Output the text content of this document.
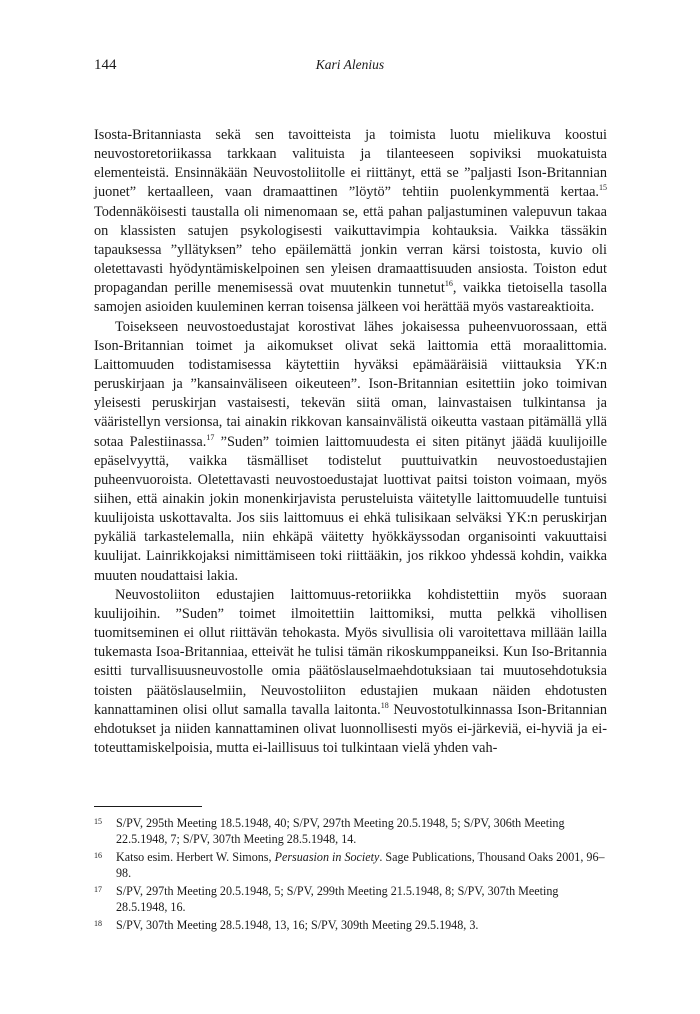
144	Kari Alenius

Isosta-Britanniasta sekä sen tavoitteista ja toimista luotu mielikuva koostui neuvostoretoriikassa tarkkaan valituista ja tilanteeseen sopiviksi muokatuista elementeistä. Ensinnäkään Neuvostoliitolle ei riittänyt, että se ”paljasti Ison-Britannian juonet” kertaalleen, vaan dramaattinen ”löytö” tehtiin puolenkymmentä kertaa.$^{15}$ Todennäköisesti taustalla oli nimenomaan se, että pahan paljastuminen valepuvun takaa on klassisten satujen psykologisesti vaikuttavimpia kohtauksia. Vaikka tässäkin tapauksessa ”yllätyksen” teho epäilemättä jonkin verran kärsi toistosta, kuvio oli oletettavasti hyödyntämiskelpoinen sen yleisen dramaattisuuden ansiosta. Toiston edut propagandan perille menemisessä ovat muutenkin tunnetut$^{16}$, vaikka tietoisella tasolla samojen asioiden kuuleminen kerran toisensa jälkeen voi herättää myös vastareaktioita.

Toisekseen neuvostoedustajat korostivat lähes jokaisessa puheenvuorossaan, että Ison-Britannian toimet ja aikomukset olivat sekä laittomia että moraalittomia. Laittomuuden todistamisessa käytettiin hyväksi epämääräisiä viittauksia YK:n peruskirjaan ja ”kansainväliseen oikeuteen”. Ison-Britannian esitettiin joko toimivan yleisesti peruskirjan vastaisesti, tekevän siitä oman, lainvastaisen tulkintansa ja vääristellyn versionsa, tai ainakin rikkovan kansainvälistä oikeutta vastaan pitämällä yllä sotaa Palestiinassa.$^{17}$ ”Suden” toimien laittomuudesta ei siten pitänyt jäädä kuulijoille epäselvyyttä, vaikka täsmälliset todistelut puuttuivatkin neuvostoedustajien puheenvuoroista. Oletettavasti neuvostoedustajat luottivat paitsi toiston voimaan, myös siihen, että ainakin jokin monenkirjavista perusteluista väitetylle laittomuudelle tuntuisi kuulijoista uskottavalta. Jos siis laittomuus ei ehkä tulisikaan selväksi YK:n peruskirjan pykäliä tarkastelemalla, niin ehkäpä väitetty hyökkäyssodan organisointi vakuuttaisi kuulijat. Lainrikkojaksi nimittämiseen toki riittääkin, jos rikkoo yhdessä kohdin, vaikka muuten noudattaisi lakia.

Neuvostoliiton edustajien laittomuus-retoriikka kohdistettiin myös suoraan kuulijoihin. ”Suden” toimet ilmoitettiin laittomiksi, mutta pelkkä vihollisen tuomitseminen ei ollut riittävän tehokasta. Myös sivullisia oli varoitettava millään lailla tukemasta Isoa-Britanniaa, etteivät he tulisi tämän rikoskumppaneiksi. Kun Iso-Britannia esitti turvallisuusneuvostolle omia päätöslauselmaehdotuksiaan tai muutosehdotuksia toisten päätöslauselmiin, Neuvostoliiton edustajien mukaan näiden ehdotusten kannattaminen olisi ollut samalla tavalla laitonta.$^{18}$ Neuvostotulkinnassa Ison-Britannian ehdotukset ja niiden kannattaminen olivat luonnollisesti myös ei-järkeviä, ei-hyviä ja ei-toteuttamiskelpoisia, mutta ei-laillisuus toi tulkintaan vielä yhden vah-

15 S/PV, 295th Meeting 18.5.1948, 40; S/PV, 297th Meeting 20.5.1948, 5; S/PV, 306th Meeting 22.5.1948, 7; S/PV, 307th Meeting 28.5.1948, 14.
16 Katso esim. Herbert W. Simons, Persuasion in Society. Sage Publications, Thousand Oaks 2001, 96–98.
17 S/PV, 297th Meeting 20.5.1948, 5; S/PV, 299th Meeting 21.5.1948, 8; S/PV, 307th Meeting 28.5.1948, 16.
18 S/PV, 307th Meeting 28.5.1948, 13, 16; S/PV, 309th Meeting 29.5.1948, 3.
